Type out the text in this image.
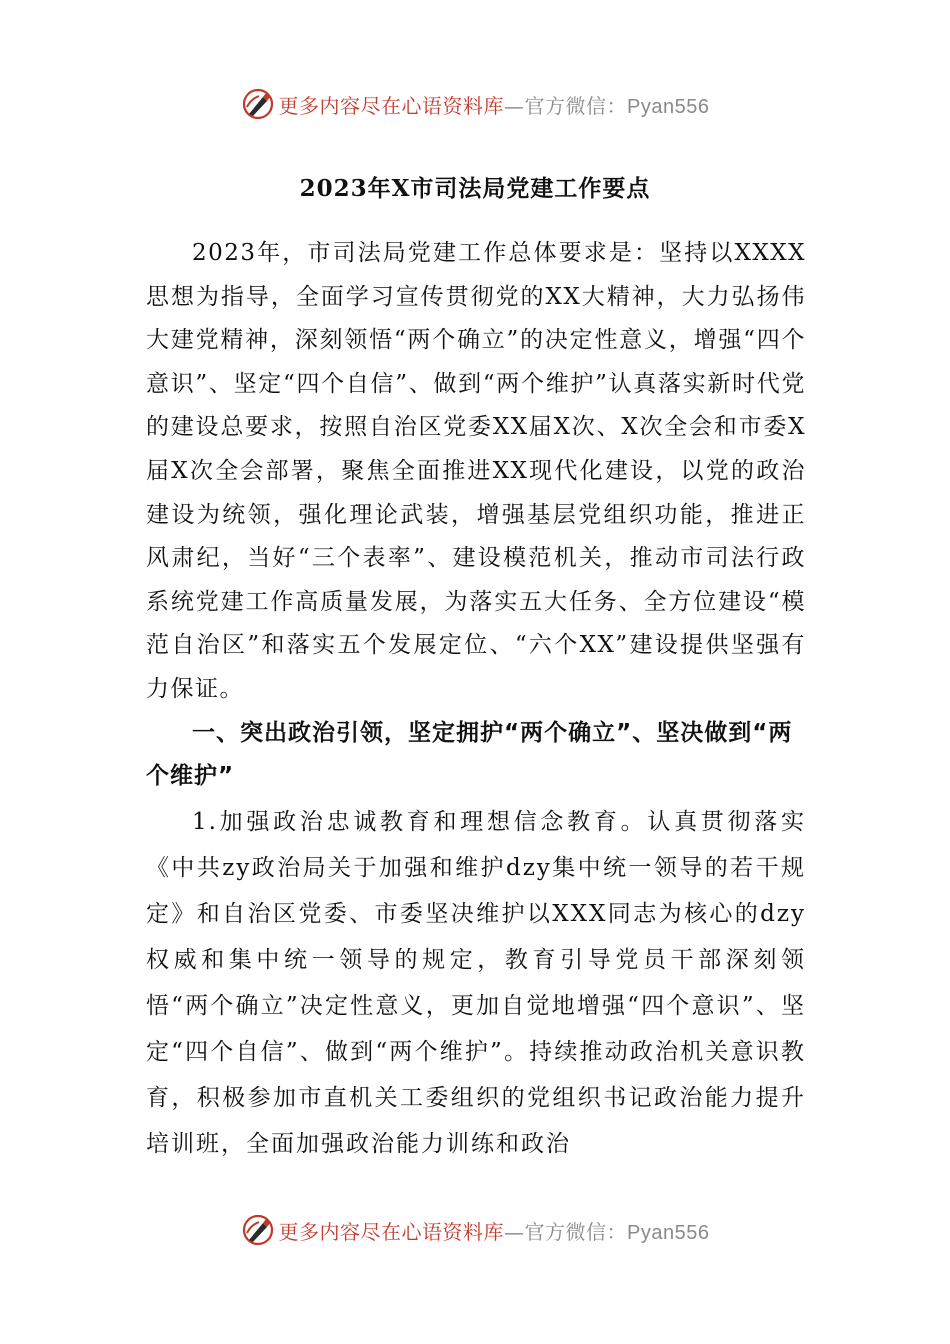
更多内容尽在心语资料库—官方微信：Pyan556
2023年X市司法局党建工作要点

2023年，市司法局党建工作总体要求是：坚持以XXXX思想为指导，全面学习宣传贯彻党的XX大精神，大力弘扬伟大建党精神，深刻领悟“两个确立”的决定性意义，增强“四个意识”、坚定“四个自信”、做到“两个维护”认真落实新时代党的建设总要求，按照自治区党委XX届X次、X次全会和市委X届X次全会部署，聚焦全面推进XX现代化建设，以党的政治建设为统领，强化理论武装，增强基层党组织功能，推进正风肃纪，当好“三个表率”、建设模范机关，推动市司法行政系统党建工作高质量发展，为落实五大任务、全方位建设“模范自治区”和落实五个发展定位、“六个XX”建设提供坚强有力保证。

一、突出政治引领，坚定拥护“两个确立”、坚决做到“两个维护”

1.加强政治忠诚教育和理想信念教育。认真贯彻落实《中共zy政治局关于加强和维护dzy集中统一领导的若干规定》和自治区党委、市委坚决维护以XXX同志为核心的dzy权威和集中统一领导的规定，教育引导党员干部深刻领悟“两个确立”决定性意义，更加自觉地增强“四个意识”、坚定“四个自信”、做到“两个维护”。持续推动政治机关意识教育，积极参加市直机关工委组织的党组织书记政治能力提升培训班，全面加强政治能力训练和政治

更多内容尽在心语资料库—官方微信：Pyan556
